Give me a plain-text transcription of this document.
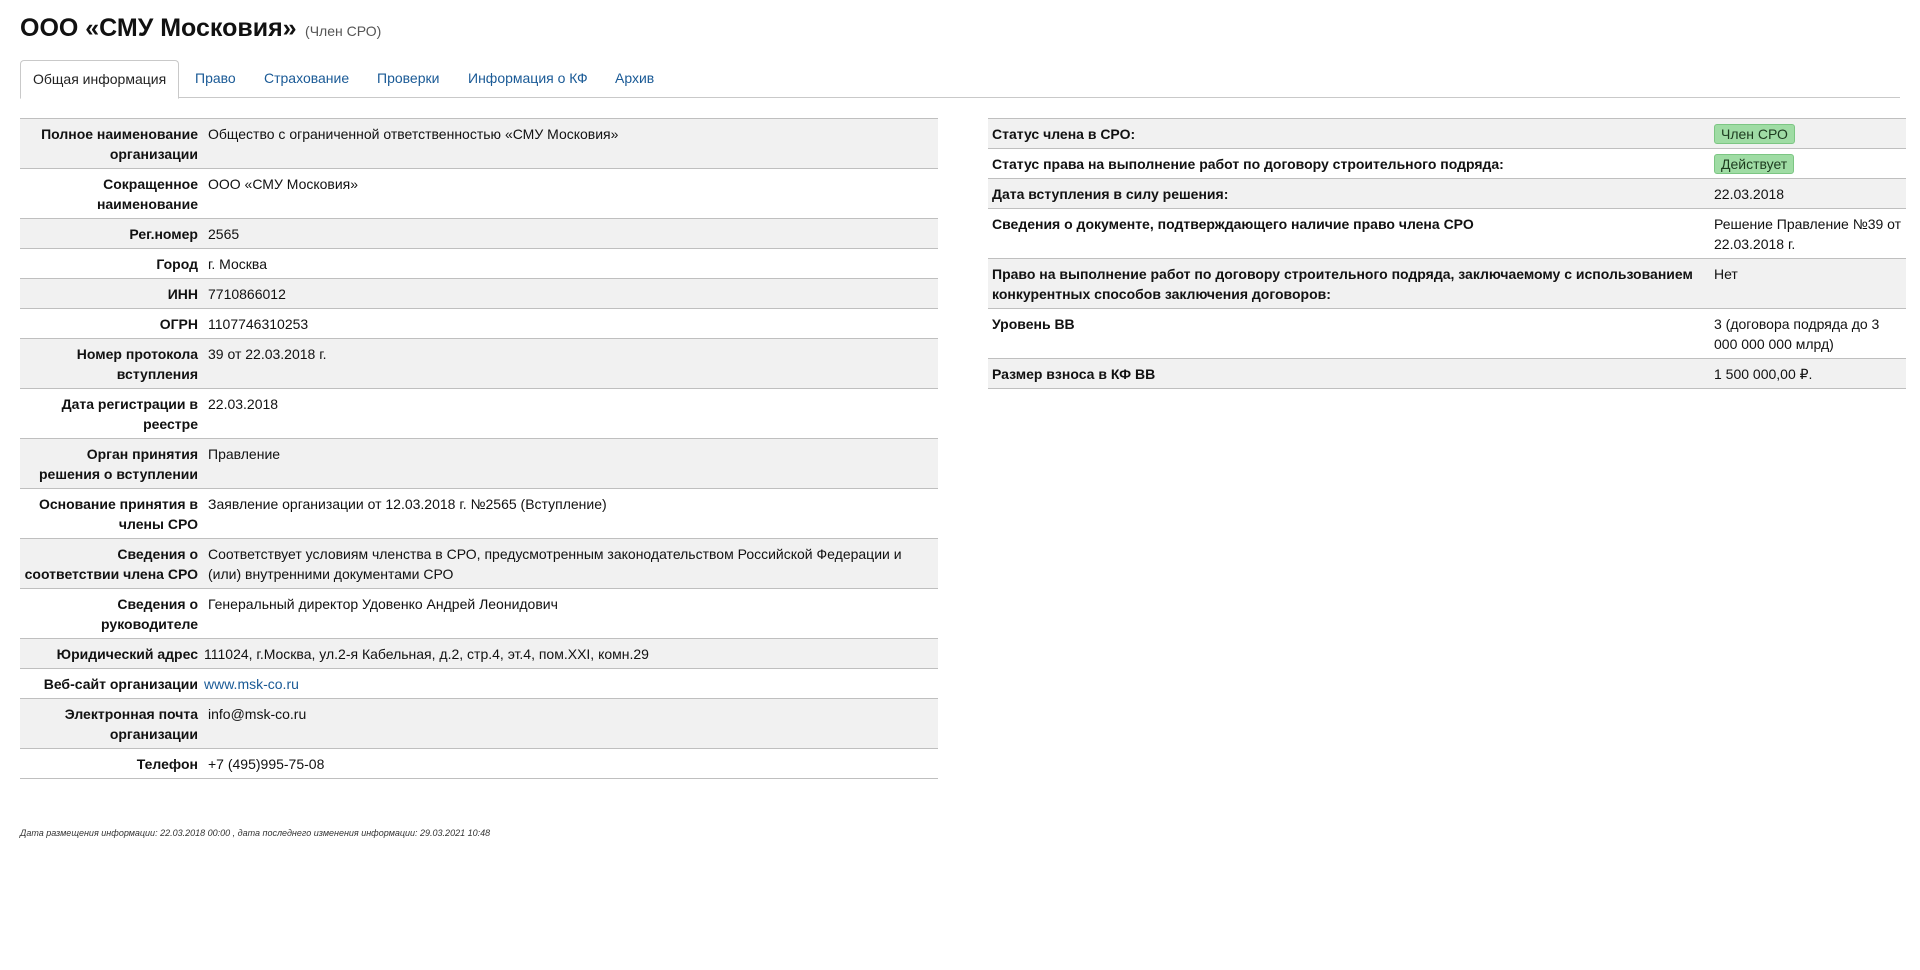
ООО «СМУ Московия» (Член СРО)
Общая информация	Право Страхование Проверки Информация о КФ Архив
Полное наименование организации	Общество с ограниченной ответственностью «СМУ Московия»
Сокращенное наименование	ООО «СМУ Московия»
Рег.номер	2565
Город	г. Москва
ИНН	7710866012
ОГРН	1107746310253
Номер протокола вступления	39 от 22.03.2018 г.
Дата регистрации в реестре	22.03.2018
Орган принятия решения о вступлении	Правление
Основание принятия в члены СРО	Заявление организации от 12.03.2018 г. №2565 (Вступление)
Сведения о соответствии члена СРО	Соответствует условиям членства в СРО, предусмотренным законодательством Российской Федерации и (или) внутренними документами СРО
Сведения о руководителе	Генеральный директор Удовенко Андрей Леонидович
Юридический адрес	111024, г.Москва, ул.2-я Кабельная, д.2, стр.4, эт.4, пом.XXI, комн.29
Веб-сайт организации	www.msk-co.ru
Электронная почта организации	info@msk-co.ru
Телефон	+7 (495)995-75-08
Статус члена в СРО:	Член СРО
Статус права на выполнение работ по договору строительного подряда:	Действует
Дата вступления в силу решения:	22.03.2018
Сведения о документе, подтверждающего наличие право члена СРО	Решение Правление №39 от 22.03.2018 г.
Право на выполнение работ по договору строительного подряда, заключаемому с использованием конкурентных способов заключения договоров:	Нет
Уровень ВВ	3 (договора подряда до 3 000 000 000 млрд)
Размер взноса в КФ ВВ	1 500 000,00 ₽.
Дата размещения информации: 22.03.2018 00:00 , дата последнего изменения информации: 29.03.2021 10:48
